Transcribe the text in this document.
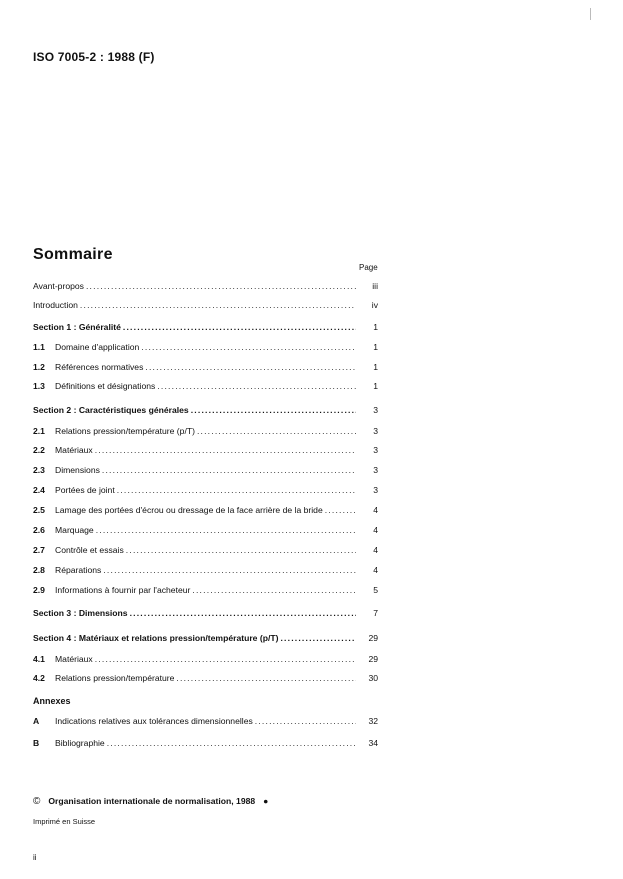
ISO 7005-2 : 1988 (F)
Sommaire
Page
Avant-propos . . .	iii
Introduction . . .	iv
Section 1 : Généralité . . .	1
1.1 Domaine d'application . . .	1
1.2 Références normatives . . .	1
1.3 Définitions et désignations . . .	1
Section 2 : Caractéristiques générales . . .	3
2.1 Relations pression/température (p/T) . . .	3
2.2 Matériaux . . .	3
2.3 Dimensions . . .	3
2.4 Portées de joint . . .	3
2.5 Lamage des portées d'écrou ou dressage de la face arrière de la bride . . .	4
2.6 Marquage . . .	4
2.7 Contrôle et essais . . .	4
2.8 Réparations . . .	4
2.9 Informations à fournir par l'acheteur . . .	5
Section 3 : Dimensions . . .	7
Section 4 : Matériaux et relations pression/température (p/T) . . .	29
4.1 Matériaux . . .	29
4.2 Relations pression/température . . .	30
A Indications relatives aux tolérances dimensionnelles . . .	32
B Bibliographie . . .	34
Annexes
© Organisation internationale de normalisation, 1988 ●
Imprimé en Suisse
ii
